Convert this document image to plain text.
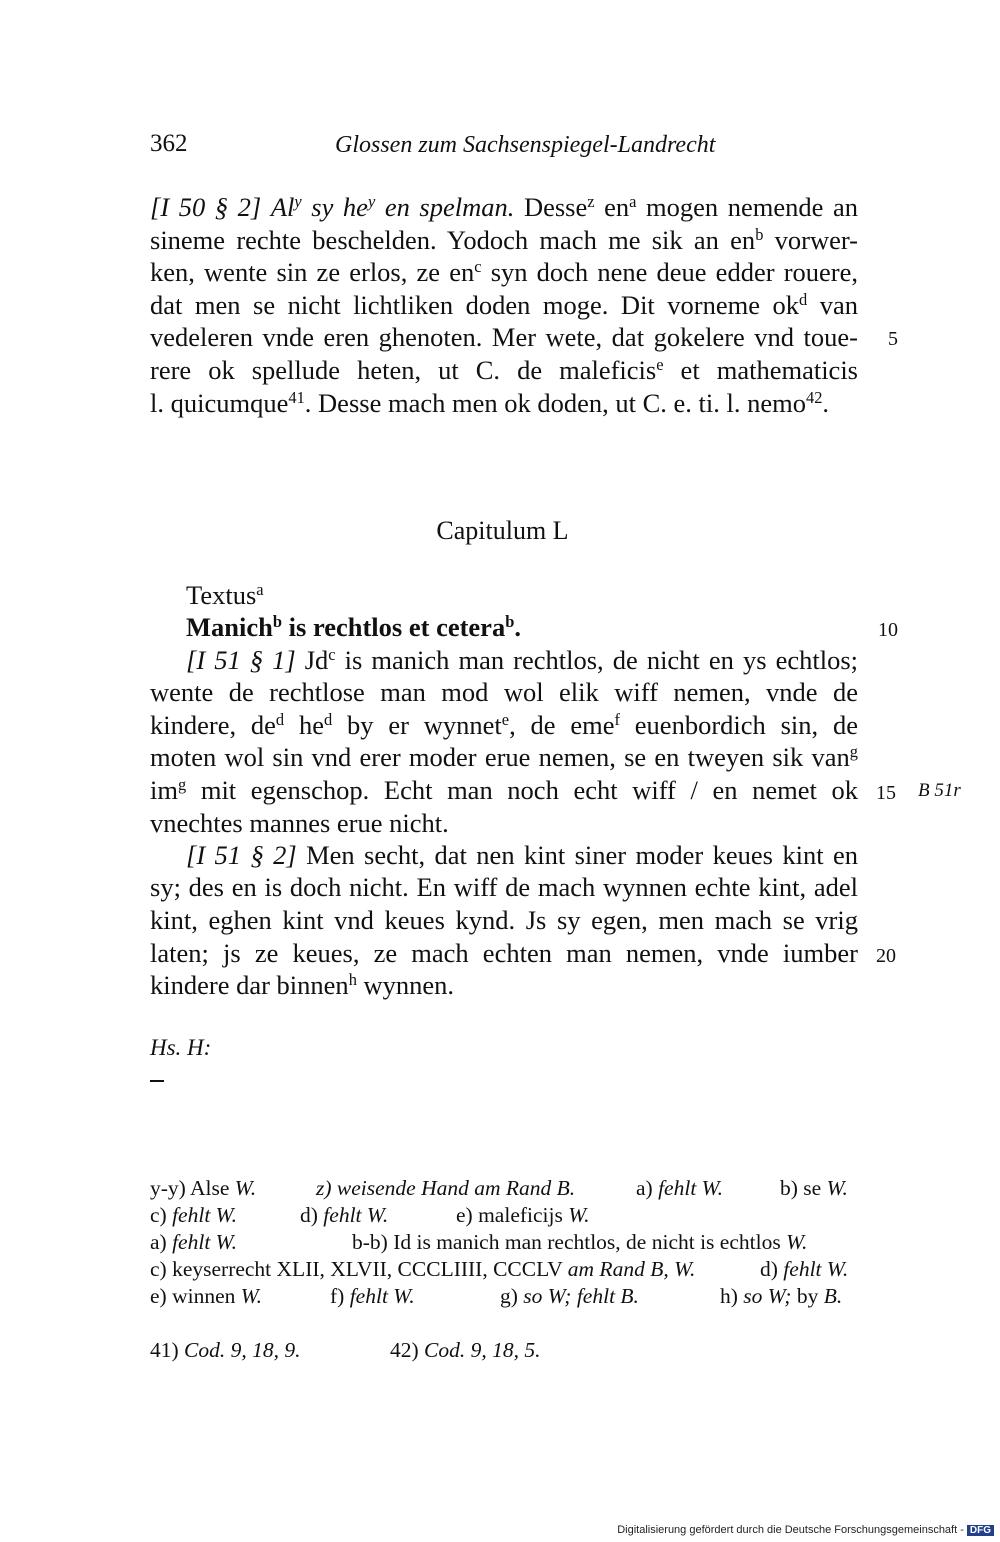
362	Glossen zum Sachsenspiegel-Landrecht
[I 50 § 2] Al$^y$ sy $he^y$ en spelman. Desse$^z$ $en^a$ mogen nemende an
sineme rechte beschelden. Yodoch mach me sik an $en^b$ vorwer-
ken, wente sin ze erlos, ze $en^c$ syn doch nene deue edder rouere,
dat men se nicht lichtliken doden moge. Dit vorneme $ok^d$ van
vedeleren vnde eren ghenoten. Mer wete, dat gokelere vnd toue- 5
rere ok spellude heten, ut C. de maleficis$^e$ et mathematicis
l. quicumque$^{41}$. Desse mach men ok doden, ut C. e. ti. l. nemo$^{42}$.
Capitulum L
Textus$^a$
Manich$^b$ is rechtlos et cetera$^b$.	10
[I 51 § 1] Jd$^c$ is manich man rechtlos, de nicht en ys echtlos;
wente de rechtlose man mod wol elik wiff nemen, vnde de
kindere, $de^d$ $he^d$ by er wynnet$^e$, de eme$^f$ euenbordich sin, de
moten wol sin vnd erer moder erue nemen, se en tweyen sik van$^g$
$im^g$ mit egenschop. Echt man noch echt wiff / en nemet ok 15 B 51r
vnechtes mannes erue nicht.
[I 51 § 2] Men secht, dat nen kint siner moder keues kint en
sy; des en is doch nicht. En wiff de mach wynnen echte kint, adel
kint, eghen kint vnd keues kynd. Js sy egen, men mach se vrig
laten; js ze keues, ze mach echten man nemen, vnde iumber 20
kindere dar binnen$^h$ wynnen.
Hs. H:
y-y) Alse W.	z) weisende Hand am Rand B.	a) fehlt W.	b) se W.
c) fehlt W.	d) fehlt W.	e) maleficijs W.
a) fehlt W.	b-b) Id is manich man rechtlos, de nicht is echtlos W.
c) keyserrecht XLII, XLVII, CCCLIIII, CCCLV am Rand B, W.	d) fehlt W.
e) winnen W.	f) fehlt W.	g) so W; fehlt B.	h) so W; by B.
41) Cod. 9, 18, 9.	42) Cod. 9, 18, 5.
Digitalisierung gefördert durch die Deutsche Forschungsgemeinschaft - DFG
